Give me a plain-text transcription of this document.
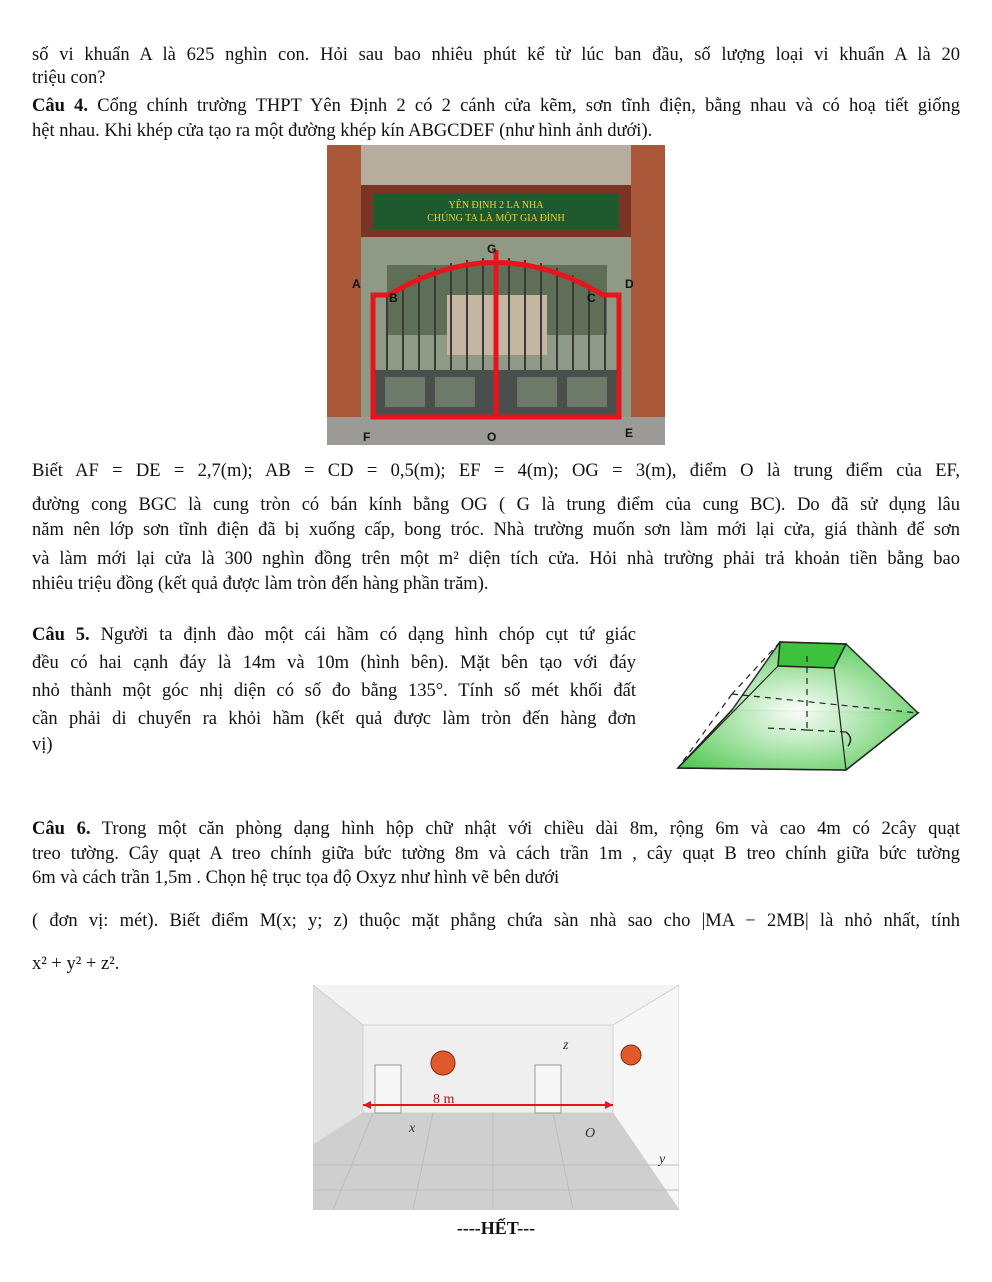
số vi khuẩn A là 625 nghìn con. Hỏi sau bao nhiêu phút kể từ lúc ban đầu, số lượng loại vi khuẩn A là 20
triệu con?
Câu 4. Cổng chính trường THPT Yên Định 2 có 2 cánh cửa kẽm, sơn tĩnh điện, bằng nhau và có hoạ tiết giống
hệt nhau. Khi khép cửa tạo ra một đường khép kín ABGCDEF (như hình ảnh dưới).
YÊN ĐỊNH 2 LA NHA
CHÚNG TA LÀ MỘT GIA ĐÌNH
A
B
G
C
D
E
F	O
Biết AF = DE = 2,7(m); AB = CD = 0,5(m); EF = 4(m); OG = 3(m), điểm O là trung điểm của EF,
đường cong BGC là cung tròn có bán kính bằng OG ( G là trung điểm của cung BC). Do đã sử dụng lâu
năm nên lớp sơn tĩnh điện đã bị xuống cấp, bong tróc. Nhà trường muốn sơn làm mới lại cửa, giá thành để sơn
và làm mới lại cửa là 300 nghìn đồng trên một m² diện tích cửa. Hỏi nhà trường phải trả khoản tiền bằng bao
nhiêu triệu đồng (kết quả được làm tròn đến hàng phần trăm).
Câu 5. Người ta định đào một cái hầm có dạng hình chóp cụt tứ giác
đều có hai cạnh đáy là 14m và 10m (hình bên). Mặt bên tạo với đáy
nhỏ thành một góc nhị diện có số đo bằng 135°. Tính số mét khối đất
cần phải di chuyển ra khỏi hầm (kết quả được làm tròn đến hàng đơn
vị)
Câu 6. Trong một căn phòng dạng hình hộp chữ nhật với chiều dài 8m, rộng 6m và cao 4m có 2cây quạt
treo tường. Cây quạt A treo chính giữa bức tường 8m và cách trần 1m , cây quạt B treo chính giữa bức tường
6m và cách trần 1,5m . Chọn hệ trục tọa độ Oxyz như hình vẽ bên dưới
( đơn vị: mét). Biết điểm M(x; y; z) thuộc mặt phẳng chứa sàn nhà sao cho |MA − 2MB| là nhỏ nhất, tính
x² + y² + z².
8 m
x
y
z
O
----HẾT---
